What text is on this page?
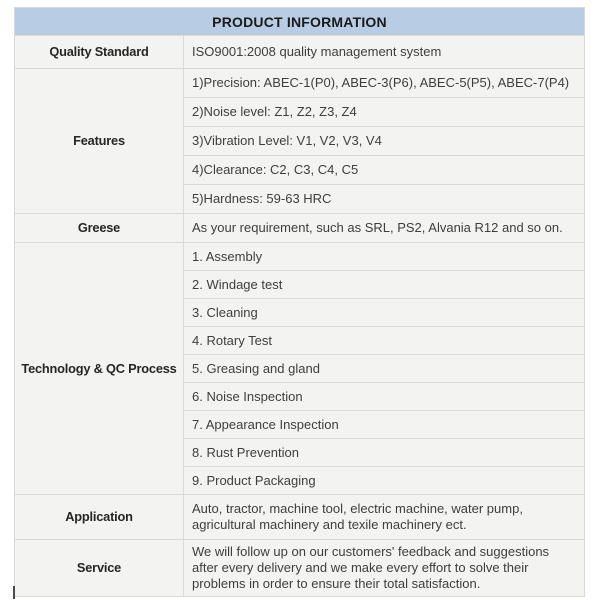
PRODUCT INFORMATION	
Quality Standard	ISO9001:2008 quality management system
Features	1)Precision: ABEC-1(P0), ABEC-3(P6), ABEC-5(P5), ABEC-7(P4)
	2)Noise level: Z1, Z2, Z3, Z4
	3)Vibration Level: V1, V2, V3, V4
	4)Clearance: C2, C3, C4, C5
	5)Hardness: 59-63 HRC
Greese	As your requirement, such as SRL, PS2, Alvania R12 and so on.
Technology & QC Process	1. Assembly
	2. Windage test
	3. Cleaning
	4. Rotary Test
	5. Greasing and gland
	6. Noise Inspection
	7. Appearance Inspection
	8. Rust Prevention
	9. Product Packaging
Application	Auto, tractor, machine tool, electric machine, water pump, agricultural machinery and texile machinery ect.
Service	We will follow up on our customers' feedback and suggestions after every delivery and we make every effort to solve their problems in order to ensure their total satisfaction.
